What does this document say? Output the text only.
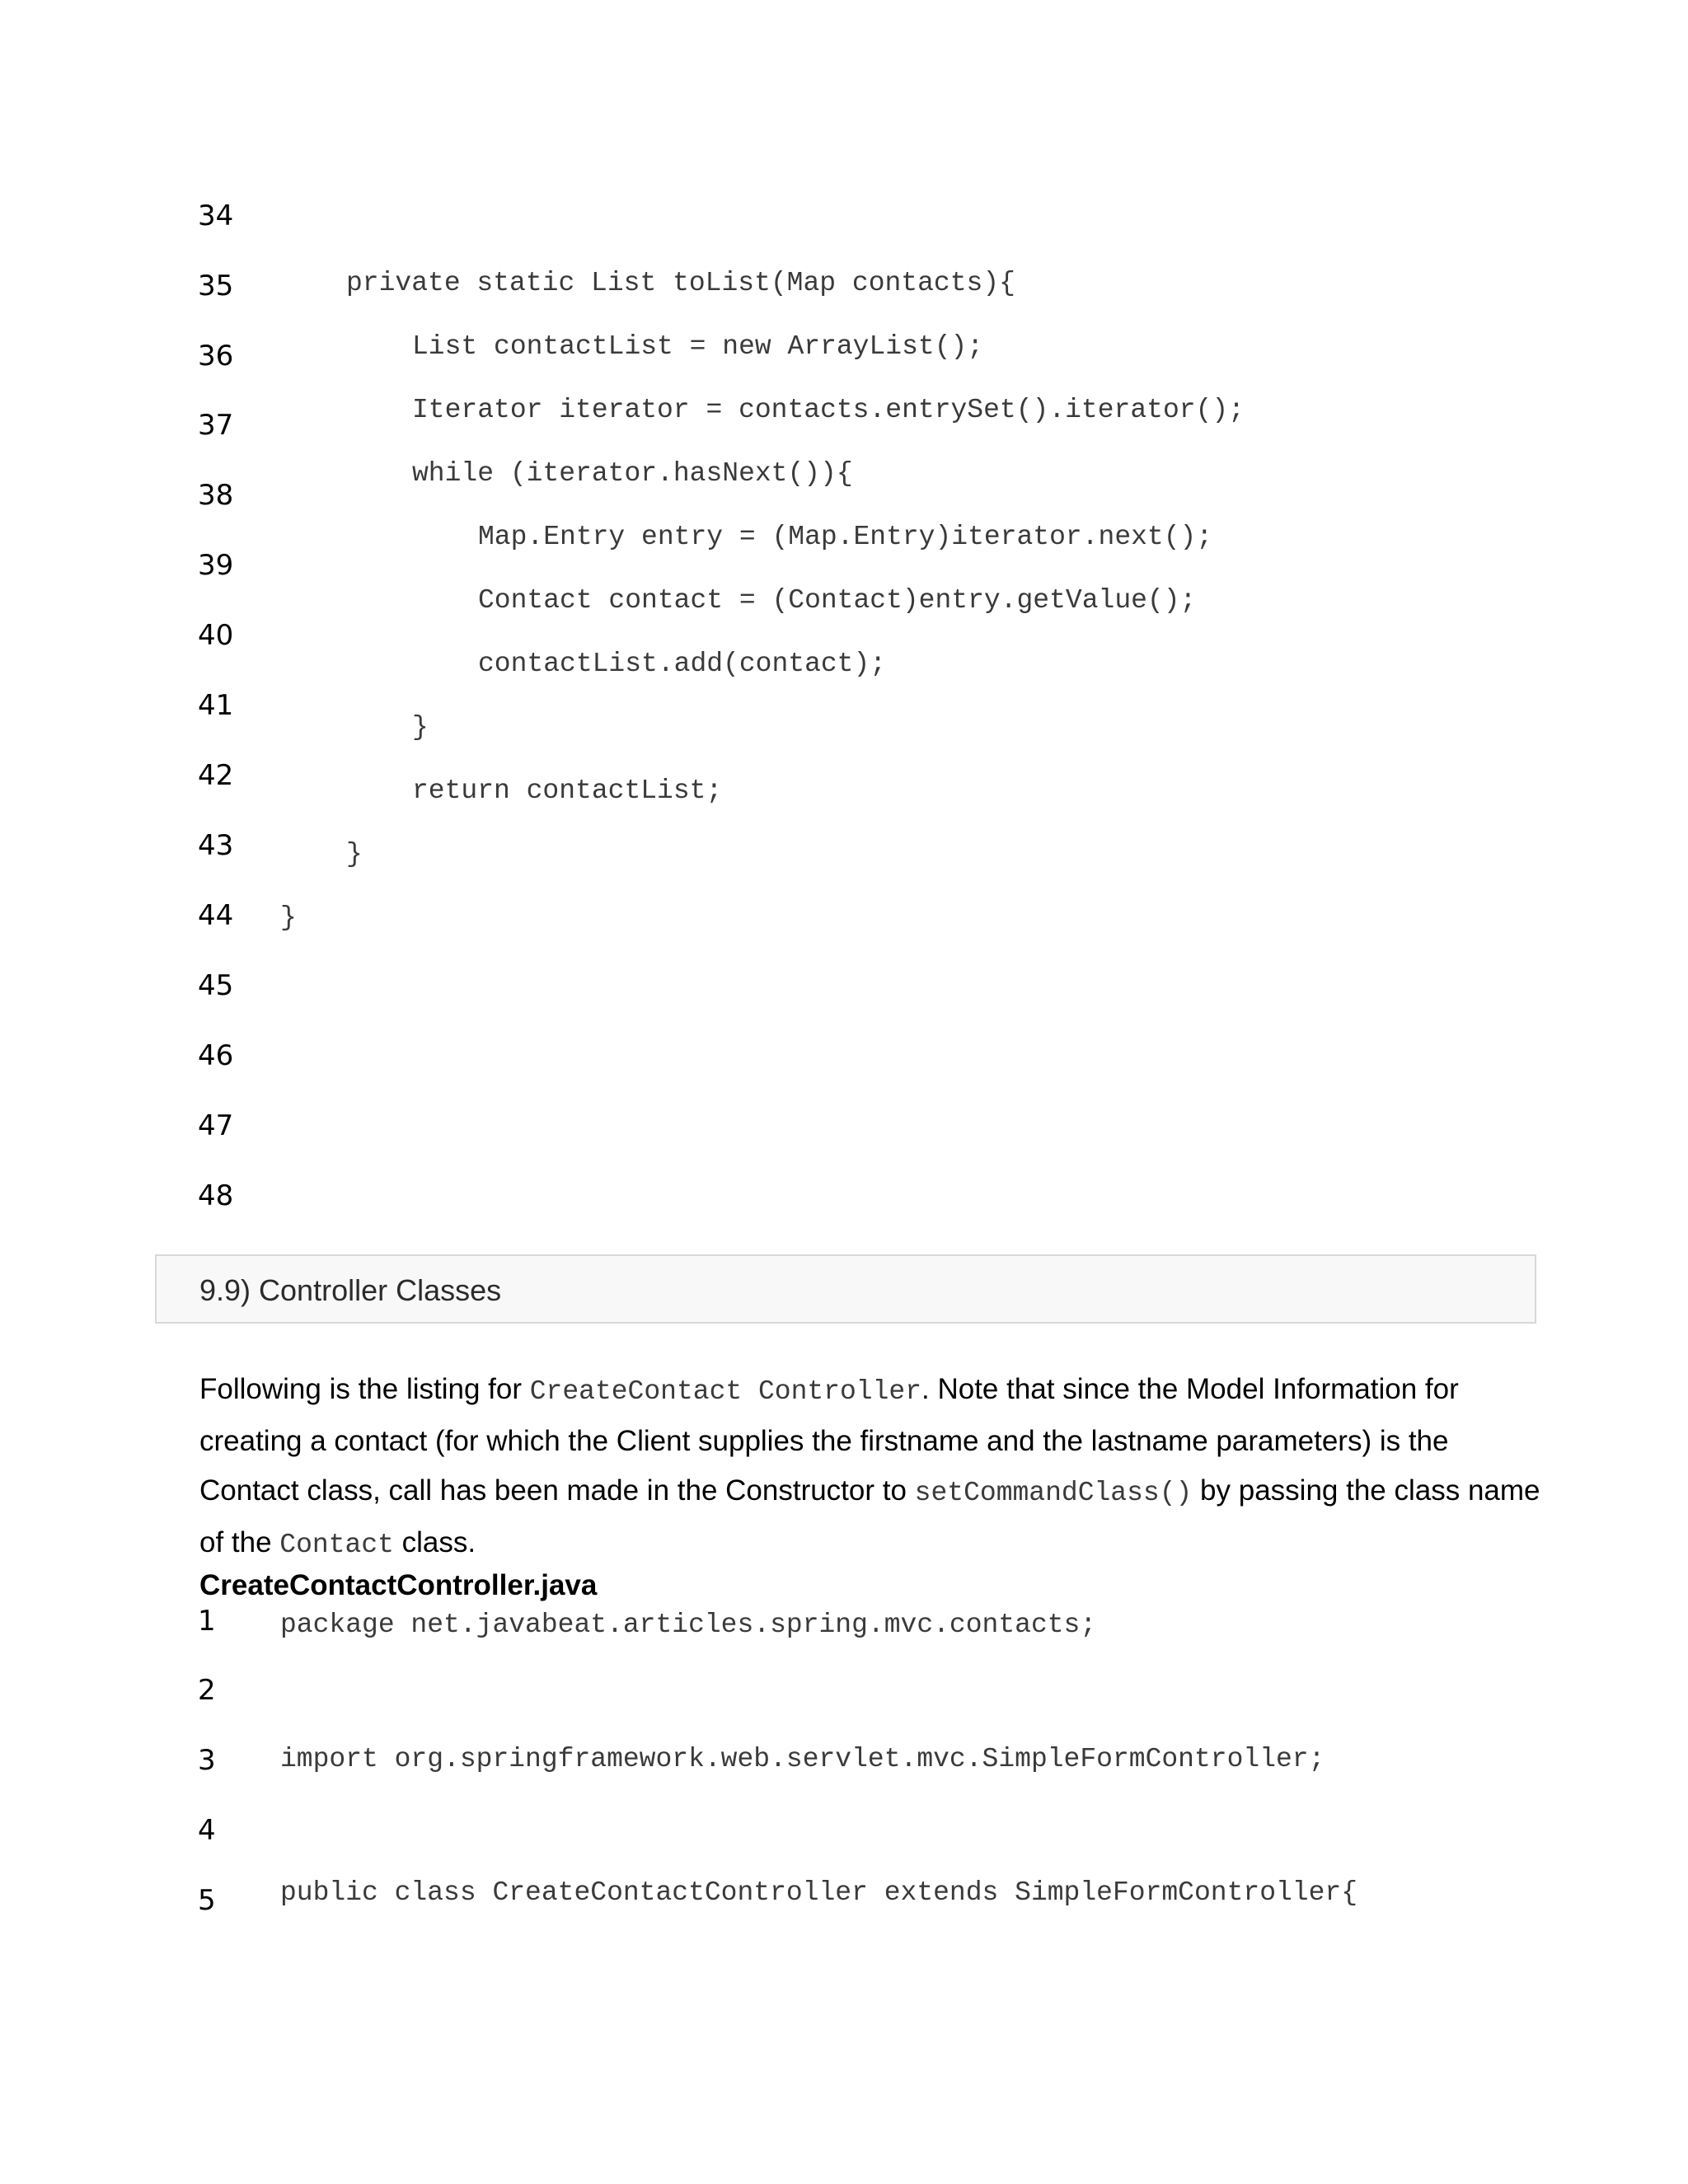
34
35
36
37
38
39
40
41
42
43
44
45
46
47
48
private static List toList(Map contacts){
List contactList = new ArrayList();
Iterator iterator = contacts.entrySet().iterator();
while (iterator.hasNext()){
Map.Entry entry = (Map.Entry)iterator.next();
Contact contact = (Contact)entry.getValue();
contactList.add(contact);
}
return contactList;
}
}
9.9) Controller Classes

Following is the listing for CreateContact Controller. Note that since the Model Information for creating a contact (for which the Client supplies the firstname and the lastname parameters) is the Contact class, call has been made in the Constructor to setCommandClass() by passing the class name of the Contact class.

CreateContactController.java
1
2
3
4
5
package net.javabeat.articles.spring.mvc.contacts;
import org.springframework.web.servlet.mvc.SimpleFormController;
public class CreateContactController extends SimpleFormController{
